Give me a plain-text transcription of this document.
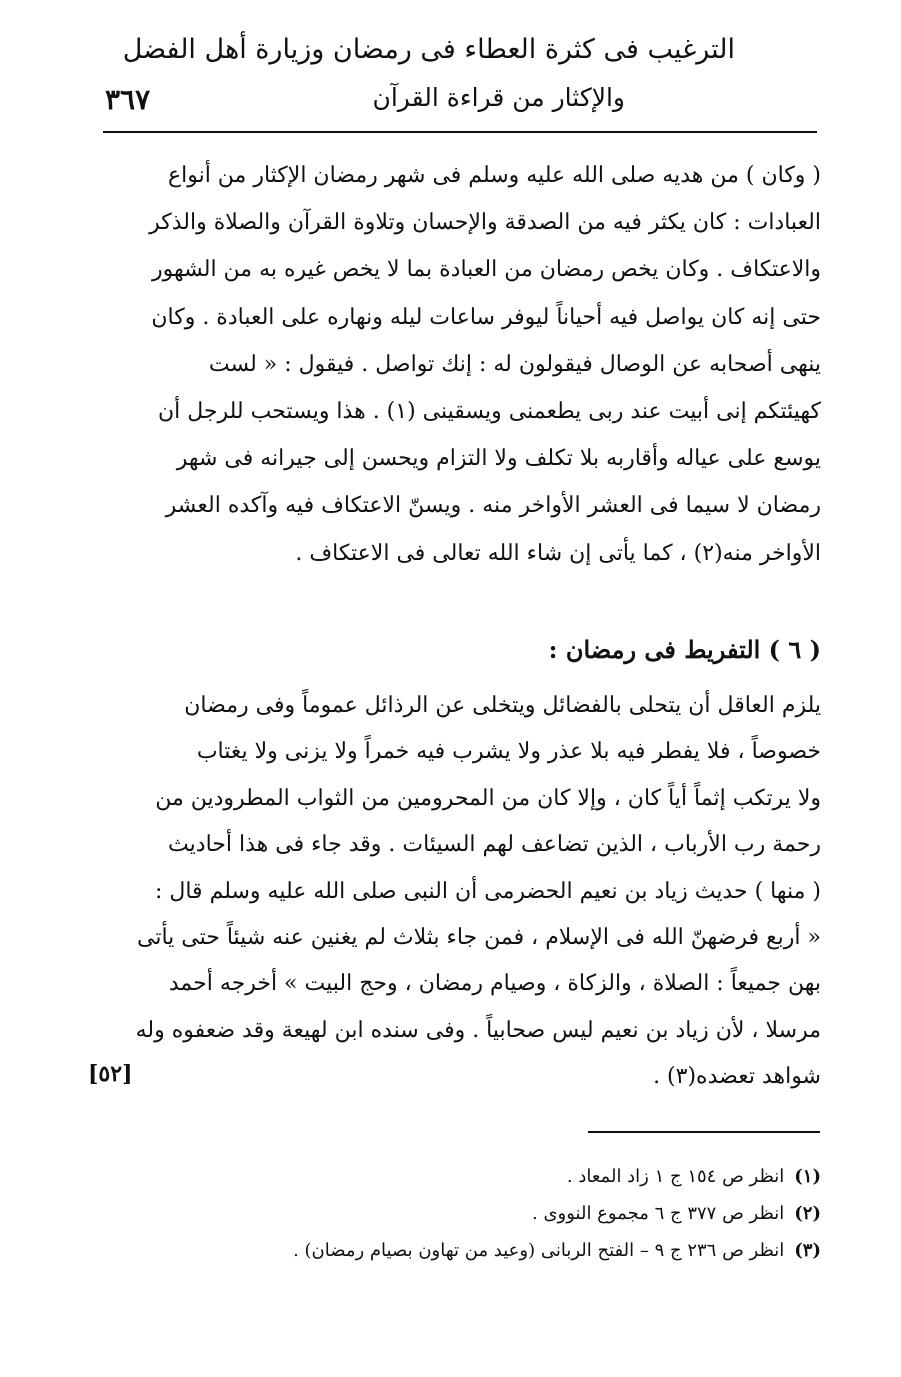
الترغيب فى كثرة العطاء فى رمضان وزيارة أهل الفضل
والإكثار من قراءة القرآن
٣٦٧
( وكان ) من هديه صلى الله عليه وسلم فى شهر رمضان الإكثار من أنواع
العبادات : كان يكثر فيه من الصدقة والإحسان وتلاوة القرآن والصلاة والذكر
والاعتكاف . وكان يخص رمضان من العبادة بما لا يخص غيره به من الشهور
حتى إنه كان يواصل فيه أحياناً ليوفر ساعات ليله ونهاره على العبادة . وكان
ينهى أصحابه عن الوصال فيقولون له : إنك تواصل . فيقول : « لست
كهيئتكم إنى أبيت عند ربى يطعمنى ويسقينى (١) . هذا ويستحب للرجل أن
يوسع على عياله وأقاربه بلا تكلف ولا التزام ويحسن إلى جيرانه فى شهر
رمضان لا سيما فى العشر الأواخر منه . ويسنّ الاعتكاف فيه وآكده العشر
الأواخر منه(٢) ، كما يأتى إن شاء الله تعالى فى الاعتكاف .
( ٦ ) التفريط فى رمضان :
يلزم العاقل أن يتحلى بالفضائل ويتخلى عن الرذائل عموماً وفى رمضان
خصوصاً ، فلا يفطر فيه بلا عذر ولا يشرب فيه خمراً ولا يزنى ولا يغتاب
ولا يرتكب إثماً أياً كان ، وإلا كان من المحرومين من الثواب المطرودين من
رحمة رب الأرباب ، الذين تضاعف لهم السيئات . وقد جاء فى هذا أحاديث
( منها ) حديث زياد بن نعيم الحضرمى أن النبى صلى الله عليه وسلم قال :
« أربع فرضهنّ الله فى الإسلام ، فمن جاء بثلاث لم يغنين عنه شيئاً حتى يأتى
بهن جميعاً : الصلاة ، والزكاة ، وصيام رمضان ، وحج البيت » أخرجه أحمد
مرسلا ، لأن زياد بن نعيم ليس صحابياً . وفى سنده ابن لهيعة وقد ضعفوه وله
شواهد تعضده(٣) .
[٥٢]
(١)انظر ص ١٥٤ ج ١ زاد المعاد .
(٢)انظر ص ٣٧٧ ج ٦ مجموع النووى .
(٣)انظر ص ٢٣٦ ج ٩ – الفتح الربانى (وعيد من تهاون بصيام رمضان) .
